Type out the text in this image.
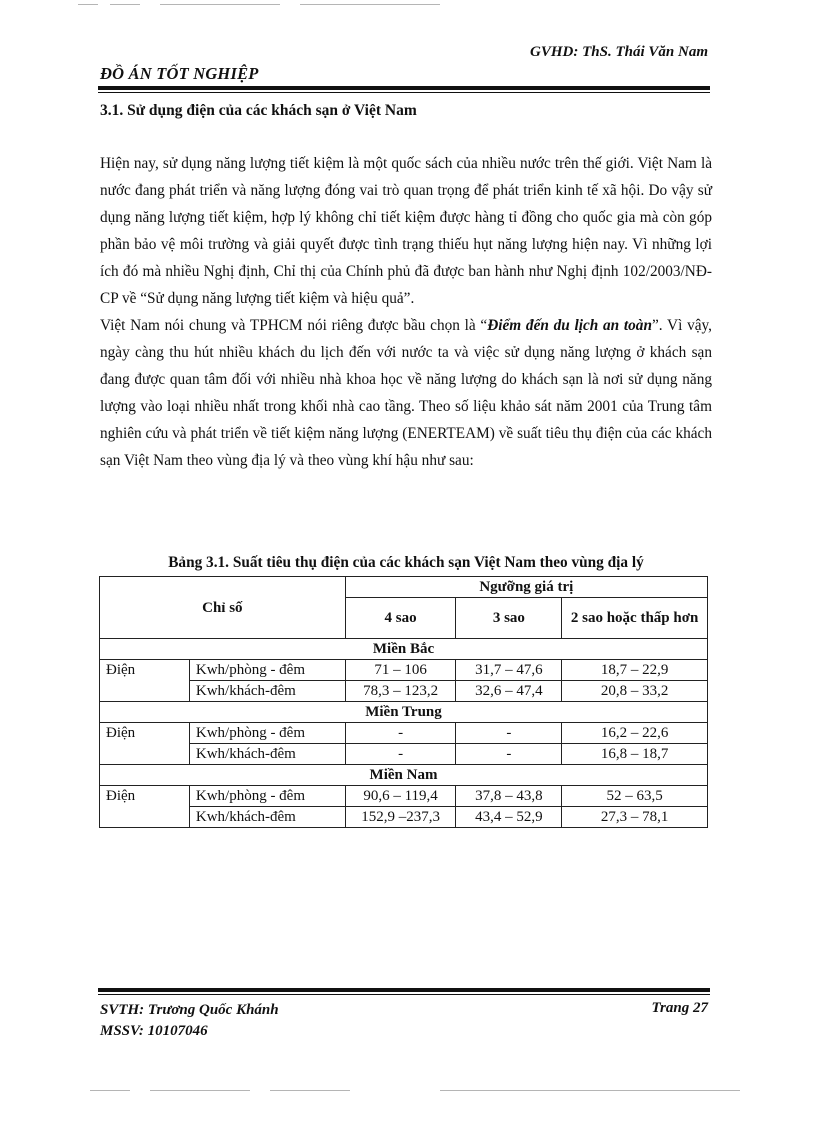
GVHD: ThS. Thái Văn Nam
ĐỒ ÁN TỐT NGHIỆP
3.1. Sử dụng điện của các khách sạn ở Việt Nam

Hiện nay, sử dụng năng lượng tiết kiệm là một quốc sách của nhiều nước trên thế giới. Việt Nam là nước đang phát triển và năng lượng đóng vai trò quan trọng để phát triển kinh tế xã hội. Do vậy sử dụng năng lượng tiết kiệm, hợp lý không chỉ tiết kiệm được hàng tỉ đồng cho quốc gia mà còn góp phần bảo vệ môi trường và giải quyết được tình trạng thiếu hụt năng lượng hiện nay. Vì những lợi ích đó mà nhiều Nghị định, Chỉ thị của Chính phủ đã được ban hành như Nghị định 102/2003/NĐ-CP về “Sử dụng năng lượng tiết kiệm và hiệu quả”.

Việt Nam nói chung và TPHCM nói riêng được bầu chọn là “Điểm đến du lịch an toàn”. Vì vậy, ngày càng thu hút nhiều khách du lịch đến với nước ta và việc sử dụng năng lượng ở khách sạn đang được quan tâm đối với nhiều nhà khoa học về năng lượng do khách sạn là nơi sử dụng năng lượng vào loại nhiều nhất trong khối nhà cao tầng. Theo số liệu khảo sát năm 2001 của Trung tâm nghiên cứu và phát triển về tiết kiệm năng lượng (ENERTEAM) về suất tiêu thụ điện của các khách sạn Việt Nam theo vùng địa lý và theo vùng khí hậu như sau:

Bảng 3.1. Suất tiêu thụ điện của các khách sạn Việt Nam theo vùng địa lý
Chỉ số		Ngưỡng giá trị		
		4 sao	3 sao	2 sao hoặc thấp hơn
Miền Bắc				
Điện	Kwh/phòng - đêm	71 – 106	31,7 – 47,6	18,7 – 22,9
	Kwh/khách-đêm	78,3 – 123,2	32,6 – 47,4	20,8 – 33,2
Miền Trung				
Điện	Kwh/phòng - đêm	-	-	16,2 – 22,6
	Kwh/khách-đêm	-	-	16,8 – 18,7
Miền Nam				
Điện	Kwh/phòng - đêm	90,6 – 119,4	37,8 – 43,8	52 – 63,5
	Kwh/khách-đêm	152,9 –237,3	43,4 – 52,9	27,3 – 78,1
SVTH: Trương Quốc Khánh
MSSV: 10107046
Trang 27
